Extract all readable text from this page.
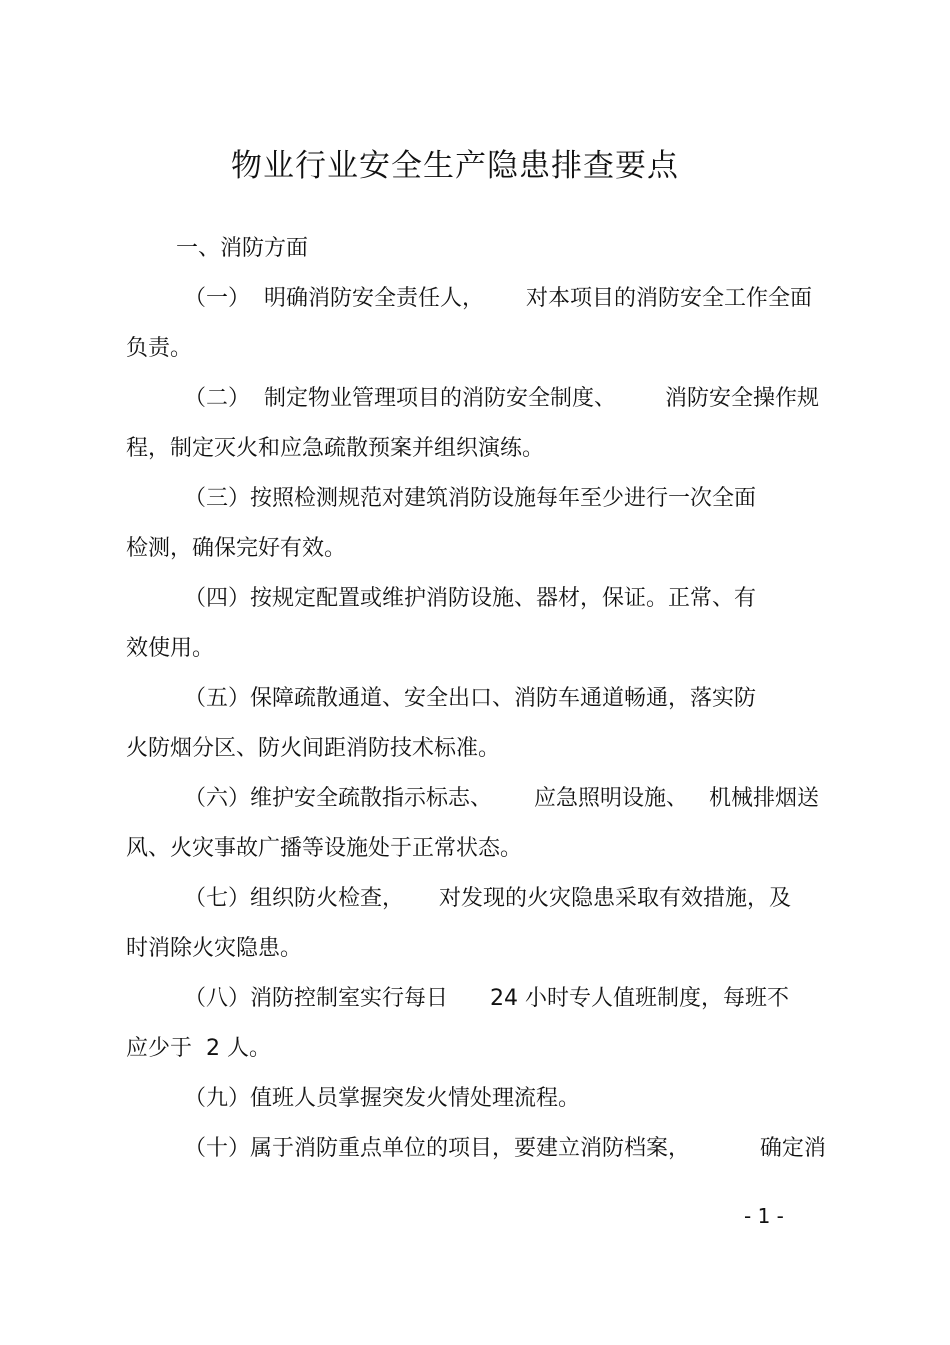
物业行业安全生产隐患排查要点
一、消防方面
（一）  明确消防安全责任人，      对本项目的消防安全工作全面
负责。
（二）  制定物业管理项目的消防安全制度、       消防安全操作规
程，制定灭火和应急疏散预案并组织演练。
（三）按照检测规范对建筑消防设施每年至少进行一次全面
检测，确保完好有效。
（四）按规定配置或维护消防设施、器材，保证。正常、有
效使用。
（五）保障疏散通道、安全出口、消防车通道畅通，落实防
火防烟分区、防火间距消防技术标准。
（六）维护安全疏散指示标志、      应急照明设施、   机械排烟送
风、火灾事故广播等设施处于正常状态。
（七）组织防火检查，     对发现的火灾隐患采取有效措施，及
时消除火灾隐患。
（八）消防控制室实行每日      24 小时专人值班制度，每班不
应少于  2 人。
（九）值班人员掌握突发火情处理流程。
（十）属于消防重点单位的项目，要建立消防档案，          确定消
- 1 -
